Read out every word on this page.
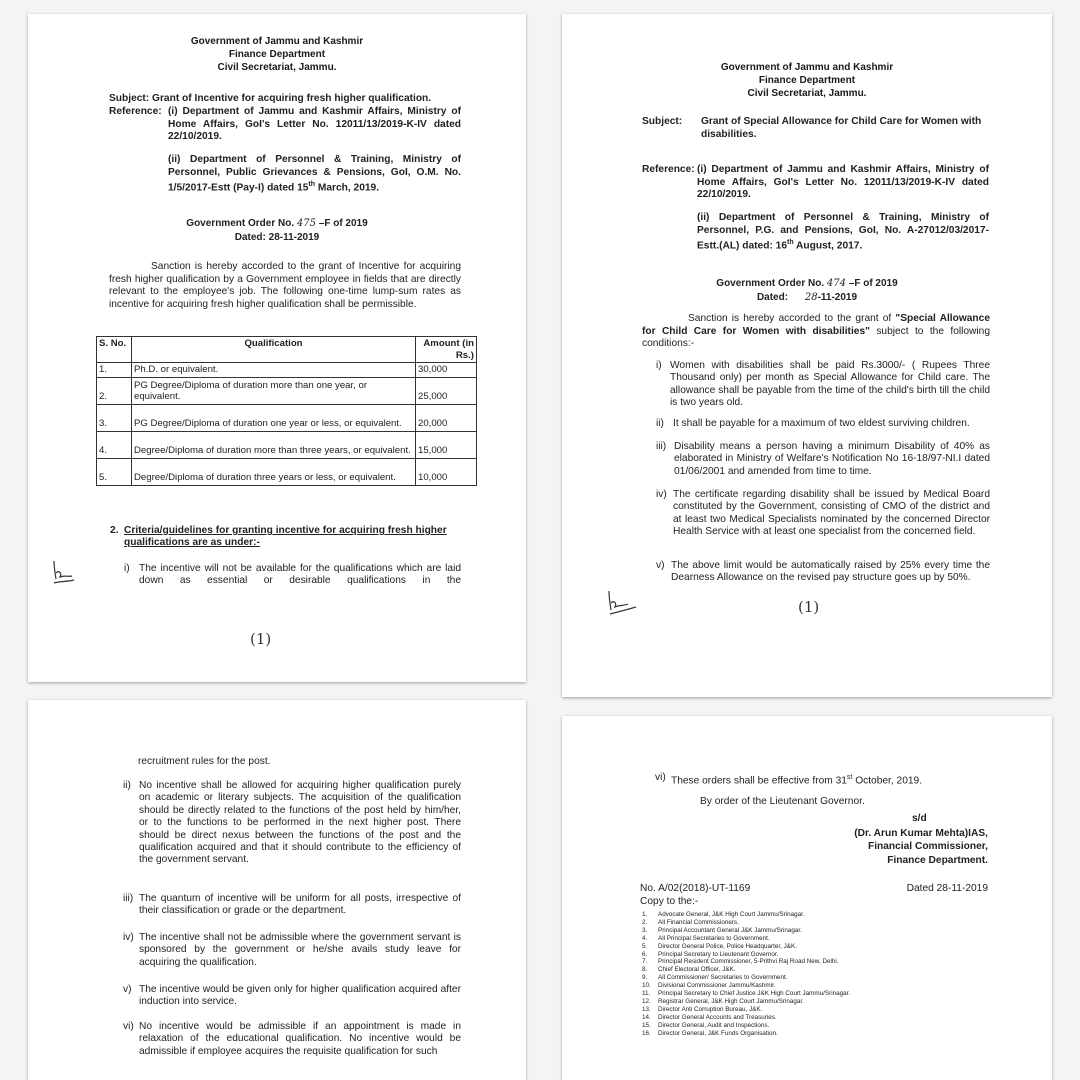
Government of Jammu and Kashmir
Finance Department
Civil Secretariat, Jammu.
Subject: Grant of Incentive for acquiring fresh higher qualification.
Reference: (i) Department of Jammu and Kashmir Affairs, Ministry of Home Affairs, GoI's Letter No. 12011/13/2019-K-IV dated 22/10/2019.
(ii) Department of Personnel & Training, Ministry of Personnel, Public Grievances & Pensions, GoI, O.M. No. 1/5/2017-Estt (Pay-I) dated 15th March, 2019.
Government Order No. 475 –F of 2019
Dated: 28-11-2019
Sanction is hereby accorded to the grant of Incentive for acquiring fresh higher qualification by a Government employee in fields that are directly relevant to the employee's job. The following one-time lump-sum rates as incentive for acquiring fresh higher qualification shall be permissible.
S. No.	Qualification	Amount (in Rs.)
1.	Ph.D. or equivalent.	30,000
2.	PG Degree/Diploma of duration more than one year, or equivalent.	25,000
3.	PG Degree/Diploma of duration one year or less, or equivalent.	20,000
4.	Degree/Diploma of duration more than three years, or equivalent.	15,000
5.	Degree/Diploma of duration three years or less, or equivalent.	10,000
2. Criteria/guidelines for granting incentive for acquiring fresh higher qualifications are as under:-
i) The incentive will not be available for the qualifications which are laid down as essential or desirable qualifications in the
(1)
Government of Jammu and Kashmir
Finance Department
Civil Secretariat, Jammu.
Subject: Grant of Special Allowance for Child Care for Women with disabilities.
Reference: (i) Department of Jammu and Kashmir Affairs, Ministry of Home Affairs, GoI's Letter No. 12011/13/2019-K-IV dated 22/10/2019.
(ii) Department of Personnel & Training, Ministry of Personnel, P.G. and Pensions, GoI, No. A-27012/03/2017-Estt.(AL) dated: 16th August, 2017.
Government Order No. 474 –F of 2019
Dated: 28-11-2019
Sanction is hereby accorded to the grant of "Special Allowance for Child Care for Women with disabilities" subject to the following conditions:-
i) Women with disabilities shall be paid Rs.3000/- ( Rupees Three Thousand only) per month as Special Allowance for Child care. The allowance shall be payable from the time of the child's birth till the child is two years old.
ii) It shall be payable for a maximum of two eldest surviving children.
iii) Disability means a person having a minimum Disability of 40% as elaborated in Ministry of Welfare's Notification No 16-18/97-NI.I dated 01/06/2001 and amended from time to time.
iv) The certificate regarding disability shall be issued by Medical Board constituted by the Government, consisting of CMO of the district and at least two Medical Specialists nominated by the concerned Director Health Service with at least one specialist from the concerned field.
v) The above limit would be automatically raised by 25% every time the Dearness Allowance on the revised pay structure goes up by 50%.
(1)
recruitment rules for the post.
ii) No incentive shall be allowed for acquiring higher qualification purely on academic or literary subjects. The acquisition of the qualification should be directly related to the functions of the post held by him/her, or to the functions to be performed in the next higher post. There should be direct nexus between the functions of the post and the qualification acquired and that it should contribute to the efficiency of the government servant.
iii) The quantum of incentive will be uniform for all posts, irrespective of their classification or grade or the department.
iv) The incentive shall not be admissible where the government servant is sponsored by the government or he/she avails study leave for acquiring the qualification.
v) The incentive would be given only for higher qualification acquired after induction into service.
vi) No incentive would be admissible if an appointment is made in relaxation of the educational qualification. No incentive would be admissible if employee acquires the requisite qualification for such
vi) These orders shall be effective from 31st October, 2019.
By order of the Lieutenant Governor.
s/d
(Dr. Arun Kumar Mehta)IAS,
Financial Commissioner,
Finance Department.
No. A/02(2018)-UT-1169	Dated 28-11-2019
Copy to the:-
1.	Advocate General, J&K High Court Jammu/Srinagar.
2.	All Financial Commissioners.
3.	Principal Accountant General J&K Jammu/Srinagar.
4.	All Principal Secretaries to Government.
5.	Director General Police, Police Headquarter, J&K.
6.	Principal Secretary to Lieutenant Governor.
7.	Principal Resident Commissioner, 5-Prithvi Raj Road New, Delhi.
8.	Chief Electoral Officer, J&K.
9.	All Commissioner/ Secretaries to Government.
10.	Divisional Commissioner Jammu/Kashmir.
11.	Principal Secretary to Chief Justice J&K High Court Jammu/Srinagar.
12.	Registrar General, J&K High Court Jammu/Srinagar.
13.	Director Anti Corruption Bureau, J&K.
14.	Director General Accounts and Treasuries.
15.	Director General, Audit and Inspections.
16.	Director General, J&K Funds Organisation.
